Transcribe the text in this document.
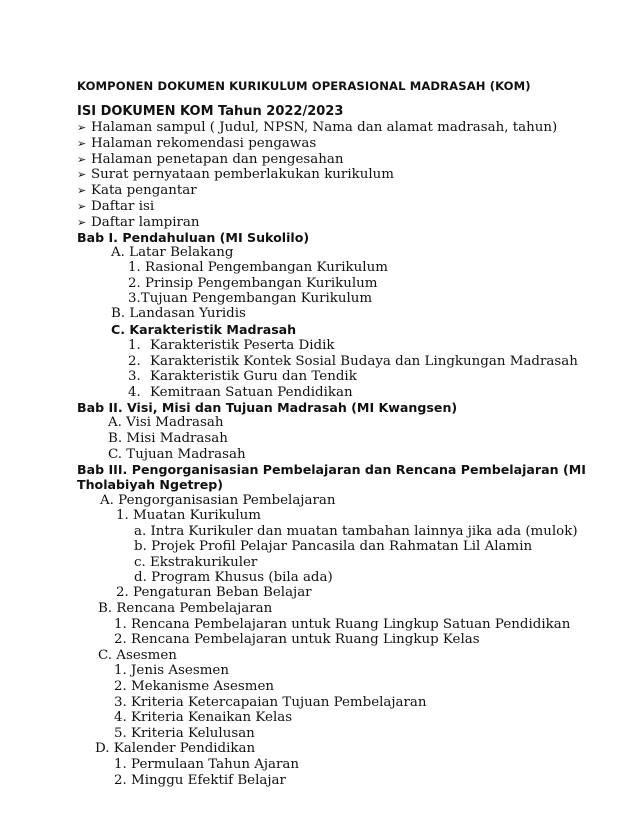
KOMPONEN DOKUMEN KURIKULUM OPERASIONAL MADRASAH (KOM)
ISI DOKUMEN KOM Tahun 2022/2023
➢ Halaman sampul ( Judul, NPSN, Nama dan alamat madrasah, tahun)
➢ Halaman rekomendasi pengawas
➢ Halaman penetapan dan pengesahan
➢ Surat pernyataan pemberlakukan kurikulum
➢ Kata pengantar
➢ Daftar isi
➢ Daftar lampiran
Bab I. Pendahuluan (MI Sukolilo)
A. Latar Belakang
1. Rasional Pengembangan Kurikulum
2. Prinsip Pengembangan Kurikulum
3.Tujuan Pengembangan Kurikulum
B. Landasan Yuridis
C. Karakteristik Madrasah
1. Karakteristik Peserta Didik
2. Karakteristik Kontek Sosial Budaya dan Lingkungan Madrasah
3. Karakteristik Guru dan Tendik
4. Kemitraan Satuan Pendidikan
Bab II. Visi, Misi dan Tujuan Madrasah (MI Kwangsen)
A. Visi Madrasah
B. Misi Madrasah
C. Tujuan Madrasah
Bab III. Pengorganisasian Pembelajaran dan Rencana Pembelajaran (MI
Tholabiyah Ngetrep)
A. Pengorganisasian Pembelajaran
1. Muatan Kurikulum
a. Intra Kurikuler dan muatan tambahan lainnya jika ada (mulok)
b. Projek Profil Pelajar Pancasila dan Rahmatan Lil Alamin
c. Ekstrakurikuler
d. Program Khusus (bila ada)
2. Pengaturan Beban Belajar
B. Rencana Pembelajaran
1. Rencana Pembelajaran untuk Ruang Lingkup Satuan Pendidikan
2. Rencana Pembelajaran untuk Ruang Lingkup Kelas
C. Asesmen
1. Jenis Asesmen
2. Mekanisme Asesmen
3. Kriteria Ketercapaian Tujuan Pembelajaran
4. Kriteria Kenaikan Kelas
5. Kriteria Kelulusan
D. Kalender Pendidikan
1. Permulaan Tahun Ajaran
2. Minggu Efektif Belajar
